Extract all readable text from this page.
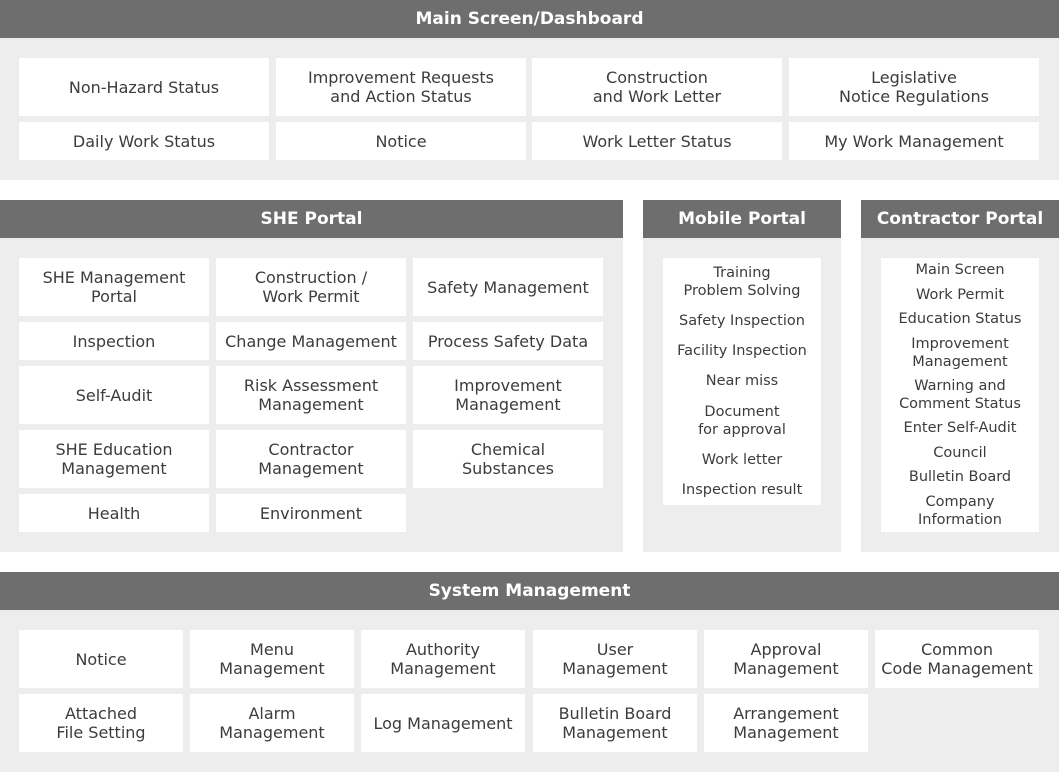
Main Screen/Dashboard
Non-Hazard Status	Improvement Requests
and Action Status
Construction
and Work Letter
Legislative
Notice Regulations
Daily Work Status	Notice	Work Letter Status	My Work Management
SHE Portal
SHE Management
Portal
Construction /
Work Permit	Safety Management
Inspection	Change Management	Process Safety Data
Self-Audit	Risk Assessment
Management
Improvement
Management
SHE Education
Management
Contractor
Management
Chemical
Substances
Health	Environment
Mobile Portal
Training
Problem Solving
Safety Inspection
Facility Inspection
Near miss
Document
for approval
Work letter
Inspection result
Contractor Portal
Main Screen
Work Permit
Education Status
Improvement
Management
Warning and
Comment Status
Enter Self-Audit
Council
Bulletin Board
Company
Information
System Management
Notice	Menu
Management
Authority
Management
User
Management
Approval
Management
Common
Code Management
Attached
File Setting
Alarm
Management	Log Management	Bulletin Board
Management
Arrangement
Management
